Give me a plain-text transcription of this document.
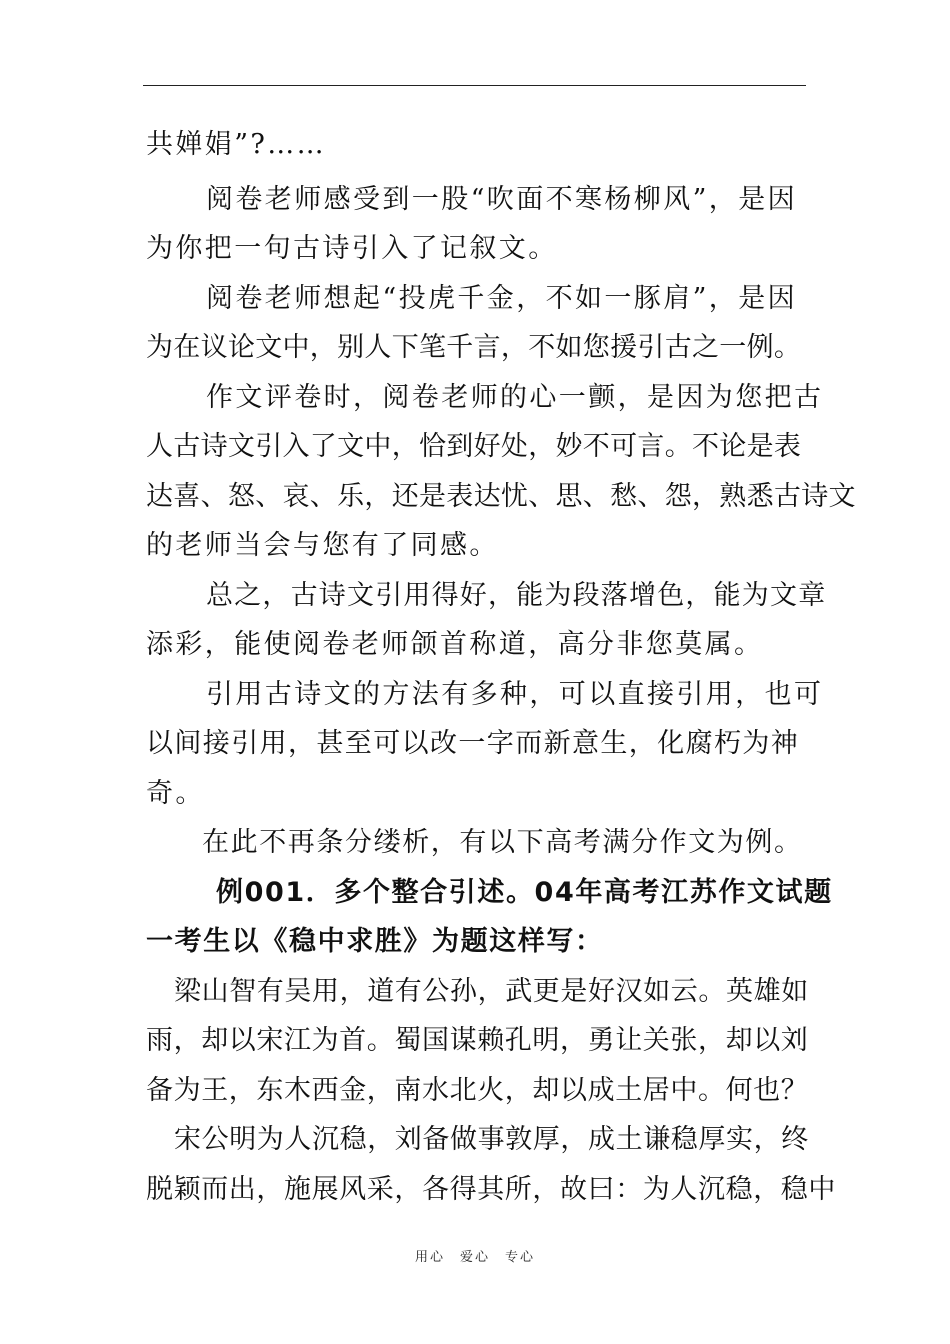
共婵娟”?……
阅卷老师感受到一股“吹面不寒杨柳风”，是因
为你把一句古诗引入了记叙文。
阅卷老师想起“投虎千金，不如一豚肩”，是因
为在议论文中，别人下笔千言，不如您援引古之一例。
作文评卷时，阅卷老师的心一颤，是因为您把古
人古诗文引入了文中，恰到好处，妙不可言。不论是表
达喜、怒、哀、乐，还是表达忧、思、愁、怨，熟悉古诗文
的老师当会与您有了同感。
总之，古诗文引用得好，能为段落增色，能为文章
添彩，能使阅卷老师颌首称道，高分非您莫属。
引用古诗文的方法有多种，可以直接引用，也可
以间接引用，甚至可以改一字而新意生，化腐朽为神
奇。
在此不再条分缕析，有以下高考满分作文为例。
例001．多个整合引述。04年高考江苏作文试题
一考生以《稳中求胜》为题这样写：
梁山智有吴用，道有公孙，武更是好汉如云。英雄如
雨，却以宋江为首。蜀国谋赖孔明，勇让关张，却以刘
备为王，东木西金，南水北火，却以成土居中。何也？
宋公明为人沉稳，刘备做事敦厚，成土谦稳厚实，终
脱颖而出，施展风采，各得其所，故曰：为人沉稳，稳中
用心　爱心　专心
